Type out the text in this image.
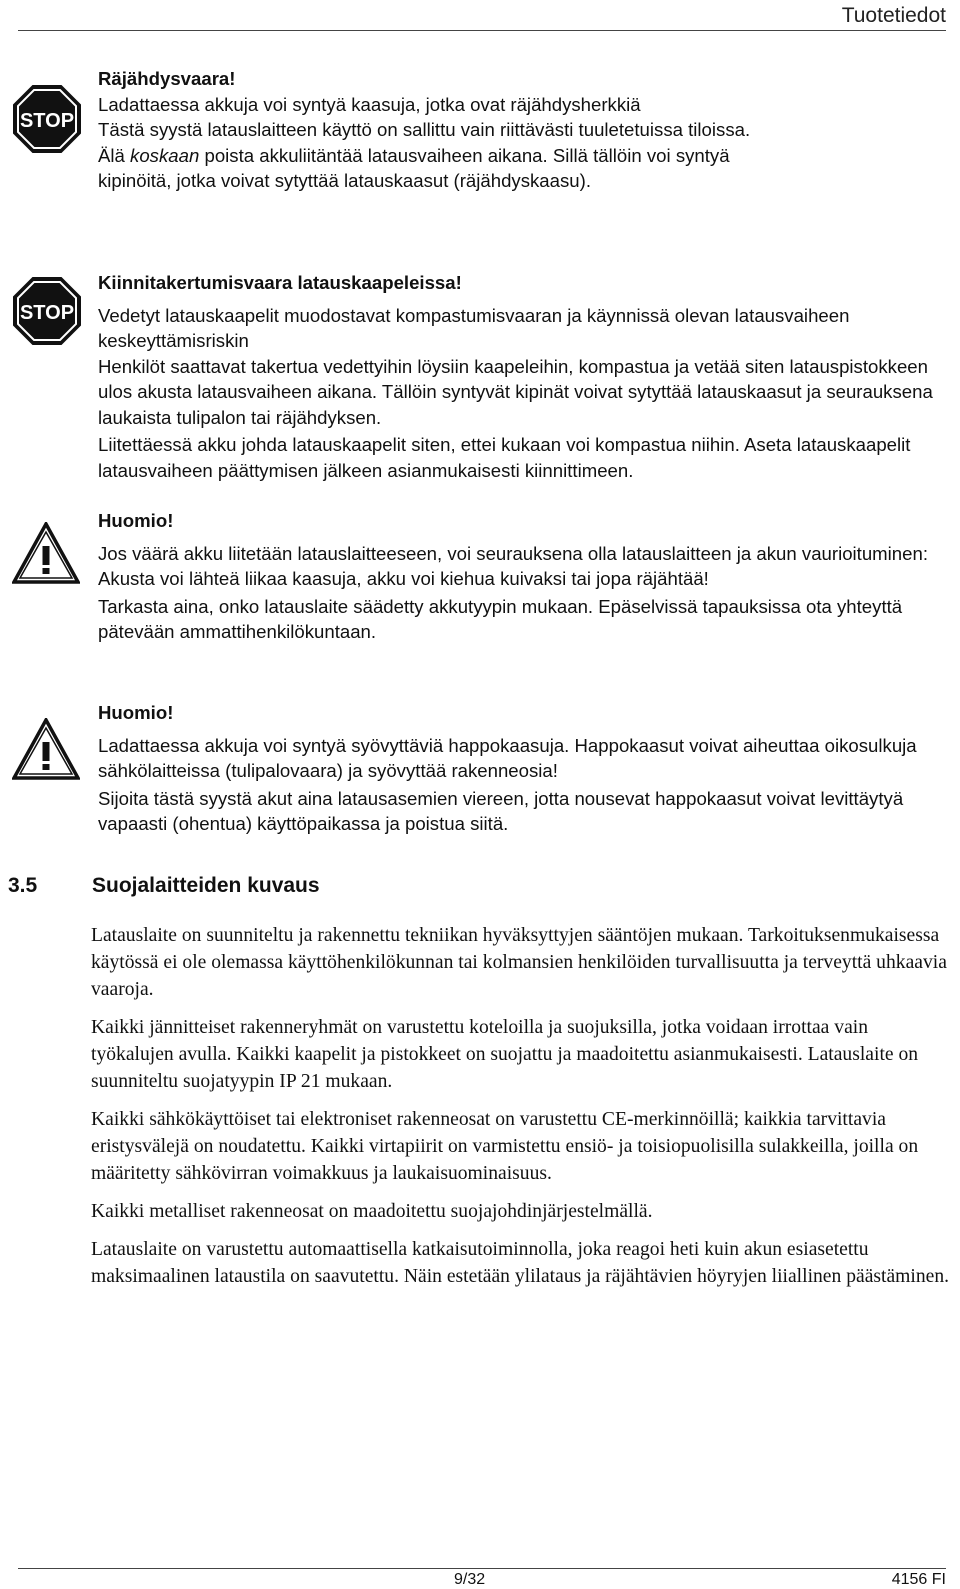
Tuotetiedot
STOP

Räjähdysvaara!

Ladattaessa akkuja voi syntyä kaasuja, jotka ovat räjähdysherkkiä

Tästä syystä latauslaitteen käyttö on sallittu vain riittävästi tuuletetuissa tiloissa.

Älä koskaan poista akkuliitäntää latausvaiheen aikana. Sillä tällöin voi syntyä

kipinöitä, jotka voivat sytyttää latauskaasut (räjähdyskaasu).

STOP

Kiinnitakertumisvaara latauskaapeleissa!

Vedetyt latauskaapelit muodostavat kompastumisvaaran ja käynnissä olevan latausvaiheen keskeyttämisriskin

Henkilöt saattavat takertua vedettyihin löysiin kaapeleihin, kompastua ja vetää siten latauspistokkeen ulos akusta latausvaiheen aikana. Tällöin syntyvät kipinät voivat sytyttää latauskaasut ja seurauksena laukaista tulipalon tai räjähdyksen.

Liitettäessä akku johda latauskaapelit siten, ettei kukaan voi kompastua niihin. Aseta latauskaapelit latausvaiheen päättymisen jälkeen asianmukaisesti kiinnittimeen.

Huomio!

Jos väärä akku liitetään latauslaitteeseen, voi seurauksena olla latauslaitteen ja akun vaurioituminen: Akusta voi lähteä liikaa kaasuja, akku voi kiehua kuivaksi tai jopa räjähtää!

Tarkasta aina, onko latauslaite säädetty akkutyypin mukaan. Epäselvissä tapauksissa ota yhteyttä pätevään ammattihenkilökuntaan.

Huomio!

Ladattaessa akkuja voi syntyä syövyttäviä happokaasuja. Happokaasut voivat aiheuttaa oikosulkuja sähkölaitteissa (tulipalovaara) ja syövyttää rakenneosia!

Sijoita tästä syystä akut aina latausasemien viereen, jotta nousevat happokaasut voivat levittäytyä vapaasti (ohentua) käyttöpaikassa ja poistua siitä.

3.5	Suojalaitteiden kuvaus

Latauslaite on suunniteltu ja rakennettu tekniikan hyväksyttyjen sääntöjen mukaan. Tarkoituksenmukaisessa käytössä ei ole olemassa käyttöhenkilökunnan tai kolmansien henkilöiden turvallisuutta ja terveyttä uhkaavia vaaroja.

Kaikki jännitteiset rakenneryhmät on varustettu koteloilla ja suojuksilla, jotka voidaan irrottaa vain työkalujen avulla. Kaikki kaapelit ja pistokkeet on suojattu ja maadoitettu asianmukaisesti. Latauslaite on suunniteltu suojatyypin IP 21 mukaan.

Kaikki sähkökäyttöiset tai elektroniset rakenneosat on varustettu CE-merkinnöillä; kaikkia tarvittavia eristysvälejä on noudatettu. Kaikki virtapiirit on varmistettu ensiö- ja toisiopuolisilla sulakkeilla, joilla on määritetty sähkövirran voimakkuus ja laukaisuominaisuus.

Kaikki metalliset rakenneosat on maadoitettu suojajohdinjärjestelmällä.

Latauslaite on varustettu automaattisella katkaisutoiminnolla, joka reagoi heti kuin akun esiasetettu maksimaalinen lataustila on saavutettu. Näin estetään ylilataus ja räjähtävien höyryjen liiallinen päästäminen.

9/32	4156 FI
